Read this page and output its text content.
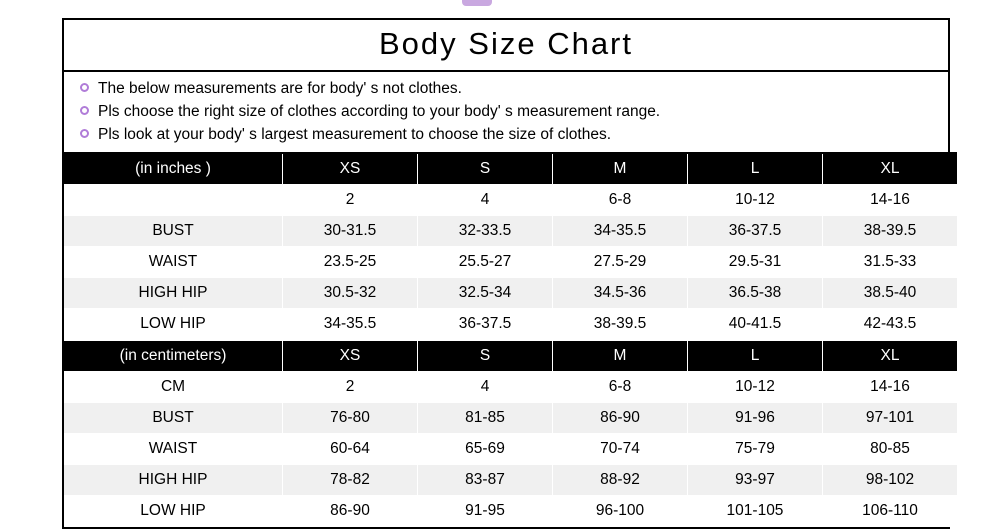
Body Size Chart
The below measurements are for body' s not clothes.
Pls choose the right size of clothes according to your body' s measurement range.
Pls look at your body' s largest measurement to choose the size of clothes.
(in inches )	XS	S	M	L	XL
	2	4	6-8	10-12	14-16
BUST	30-31.5	32-33.5	34-35.5	36-37.5	38-39.5
WAIST	23.5-25	25.5-27	27.5-29	29.5-31	31.5-33
HIGH HIP	30.5-32	32.5-34	34.5-36	36.5-38	38.5-40
LOW HIP	34-35.5	36-37.5	38-39.5	40-41.5	42-43.5
(in centimeters)	XS	S	M	L	XL
CM	2	4	6-8	10-12	14-16
BUST	76-80	81-85	86-90	91-96	97-101
WAIST	60-64	65-69	70-74	75-79	80-85
HIGH HIP	78-82	83-87	88-92	93-97	98-102
LOW HIP	86-90	91-95	96-100	101-105	106-110
